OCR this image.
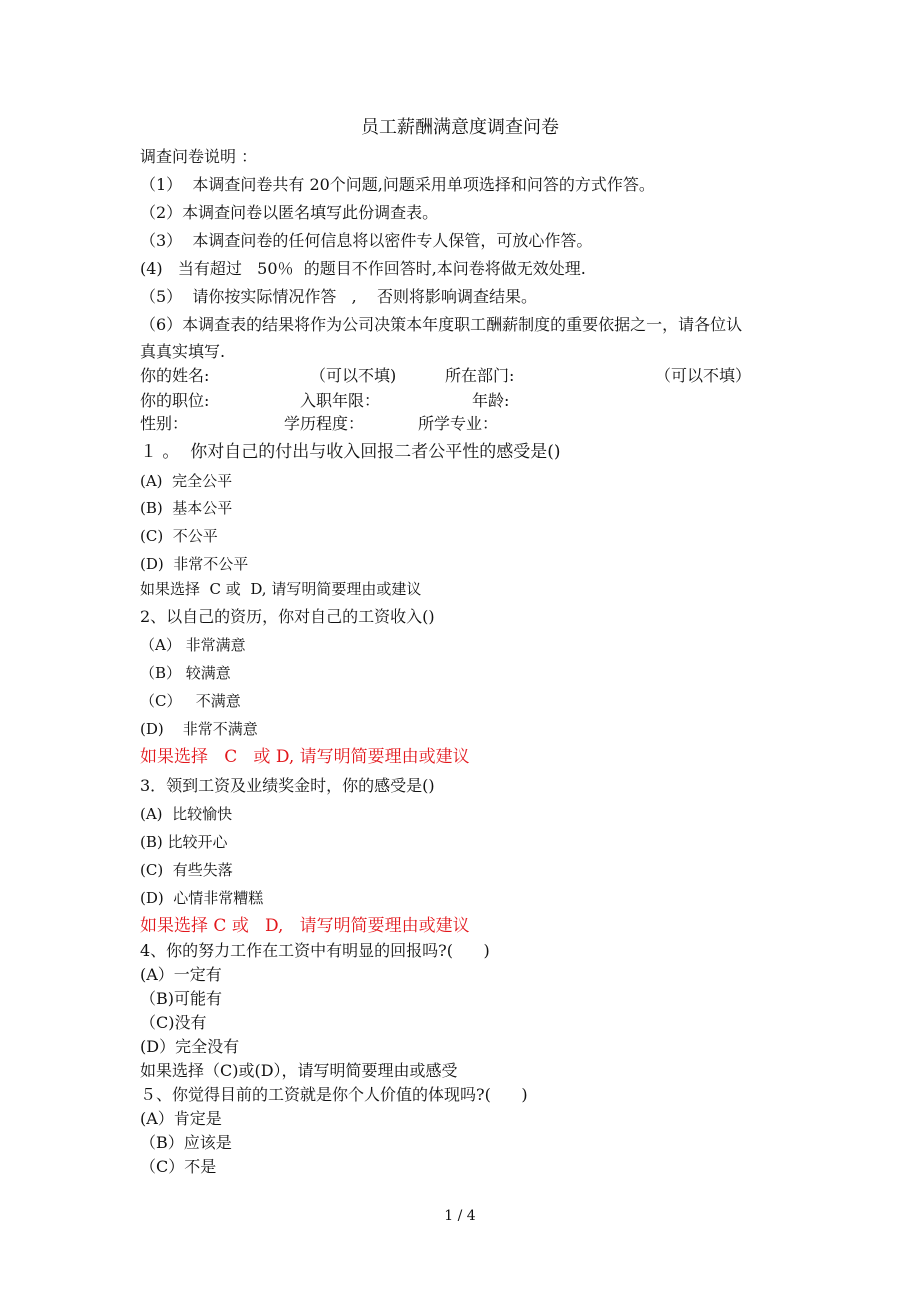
员工薪酬满意度调查问卷
调查问卷说明 ：
（1）  本调查问卷共有 20个问题,问题采用单项选择和问答的方式作答。
（2）本调查问卷以匿名填写此份调查表。
（3）  本调查问卷的任何信息将以密件专人保管，可放心作答。
(4)   当有超过   50％  的题目不作回答时,本问卷将做无效处理.
（5）  请你按实际情况作答   ,    否则将影响调查结果。
（6）本调查表的结果将作为公司决策本年度职工酬薪制度的重要依据之一，请各位认
真真实填写.
你的姓名:	（可以不填)	所在部门:	（可以不填）
你的职位:	入职年限：	年龄:
性别：	学历程度：	所学专业：
１ 。  你对自己的付出与收入回报二者公平性的感受是()
(A)  完全公平
(B)  基本公平
(C)  不公平
(D)  非常不公平
如果选择  C 或  D, 请写明简要理由或建议
2、以自己的资历，你对自己的工资收入()
（A） 非常满意
（B） 较满意
（C）   不满意
(D)    非常不满意
如果选择   C   或 D, 请写明简要理由或建议
3．领到工资及业绩奖金时，你的感受是()
(A)  比较愉快
(B) 比较开心
(C)  有些失落
(D)  心情非常糟糕
如果选择 C 或   D,   请写明简要理由或建议
4、你的努力工作在工资中有明显的回报吗?(      )
(A）一定有
（B)可能有
（C)没有
(D）完全没有
如果选择（C)或(D），请写明简要理由或感受
５、你觉得目前的工资就是你个人价值的体现吗?(      )
(A）肯定是
（B）应该是
（C）不是
1 / 4
